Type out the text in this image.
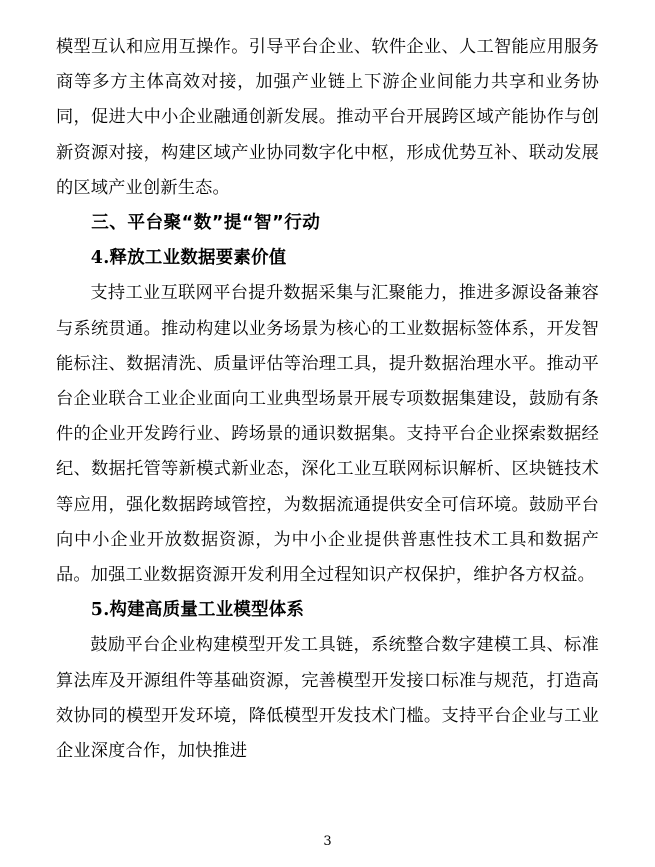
模型互认和应用互操作。引导平台企业、软件企业、人工智能应用服务商等多方主体高效对接，加强产业链上下游企业间能力共享和业务协同，促进大中小企业融通创新发展。推动平台开展跨区域产能协作与创新资源对接，构建区域产业协同数字化中枢，形成优势互补、联动发展的区域产业创新生态。

三、平台聚“数”提“智”行动
4.释放工业数据要素价值

支持工业互联网平台提升数据采集与汇聚能力，推进多源设备兼容与系统贯通。推动构建以业务场景为核心的工业数据标签体系，开发智能标注、数据清洗、质量评估等治理工具，提升数据治理水平。推动平台企业联合工业企业面向工业典型场景开展专项数据集建设，鼓励有条件的企业开发跨行业、跨场景的通识数据集。支持平台企业探索数据经纪、数据托管等新模式新业态，深化工业互联网标识解析、区块链技术等应用，强化数据跨域管控，为数据流通提供安全可信环境。鼓励平台向中小企业开放数据资源，为中小企业提供普惠性技术工具和数据产品。加强工业数据资源开发利用全过程知识产权保护，维护各方权益。

5.构建高质量工业模型体系

鼓励平台企业构建模型开发工具链，系统整合数字建模工具、标准算法库及开源组件等基础资源，完善模型开发接口标准与规范，打造高效协同的模型开发环境，降低模型开发技术门槛。支持平台企业与工业企业深度合作，加快推进

3
